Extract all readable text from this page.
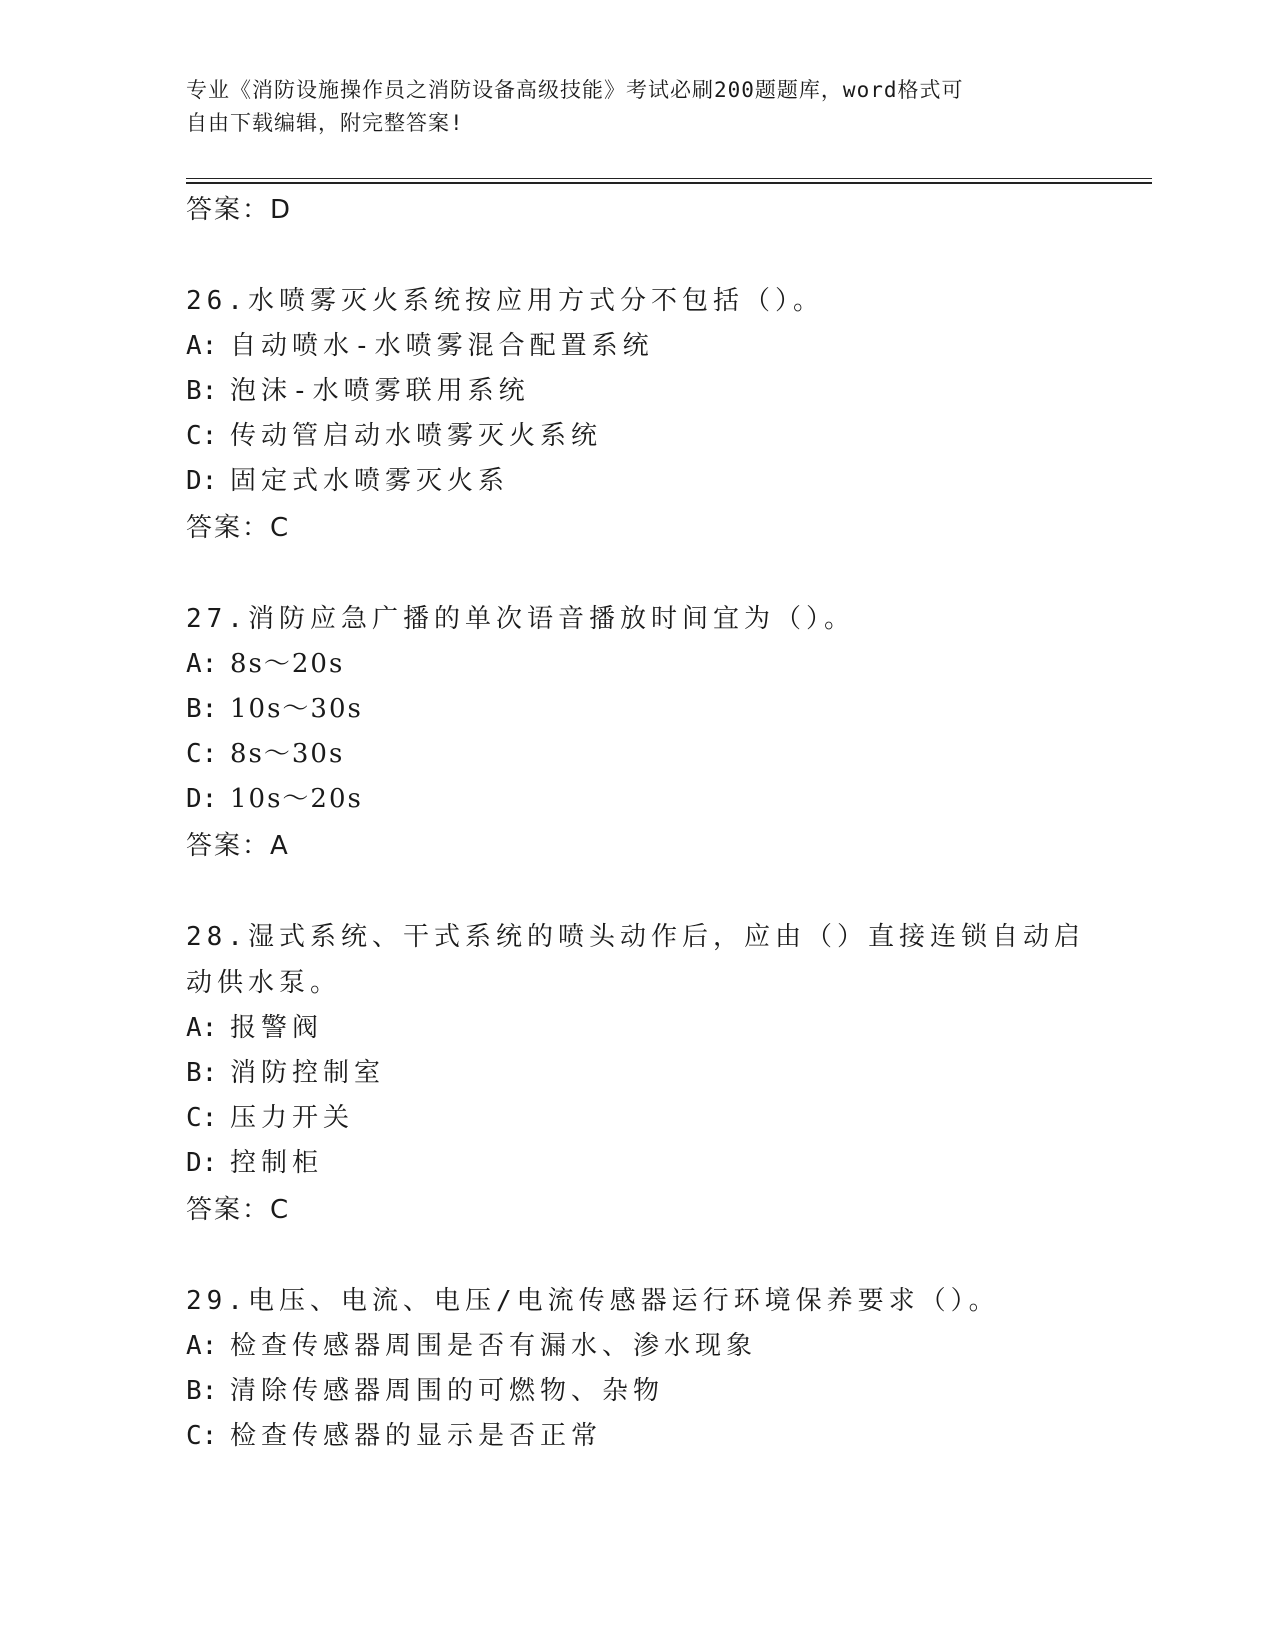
专业《消防设施操作员之消防设备高级技能》考试必刷200题题库，word格式可
自由下载编辑，附完整答案!
答案：D
26.水喷雾灭火系统按应用方式分不包括（）。
A: 自动喷水-水喷雾混合配置系统
B: 泡沫-水喷雾联用系统
C: 传动管启动水喷雾灭火系统
D: 固定式水喷雾灭火系
答案：C
27.消防应急广播的单次语音播放时间宜为（）。
A: 8s～20s
B: 10s～30s
C: 8s～30s
D: 10s～20s
答案：A
28.湿式系统、干式系统的喷头动作后，应由（）直接连锁自动启动供水泵。
A: 报警阀
B: 消防控制室
C: 压力开关
D: 控制柜
答案：C
29.电压、电流、电压/电流传感器运行环境保养要求（）。
A: 检查传感器周围是否有漏水、渗水现象
B: 清除传感器周围的可燃物、杂物
C: 检查传感器的显示是否正常
